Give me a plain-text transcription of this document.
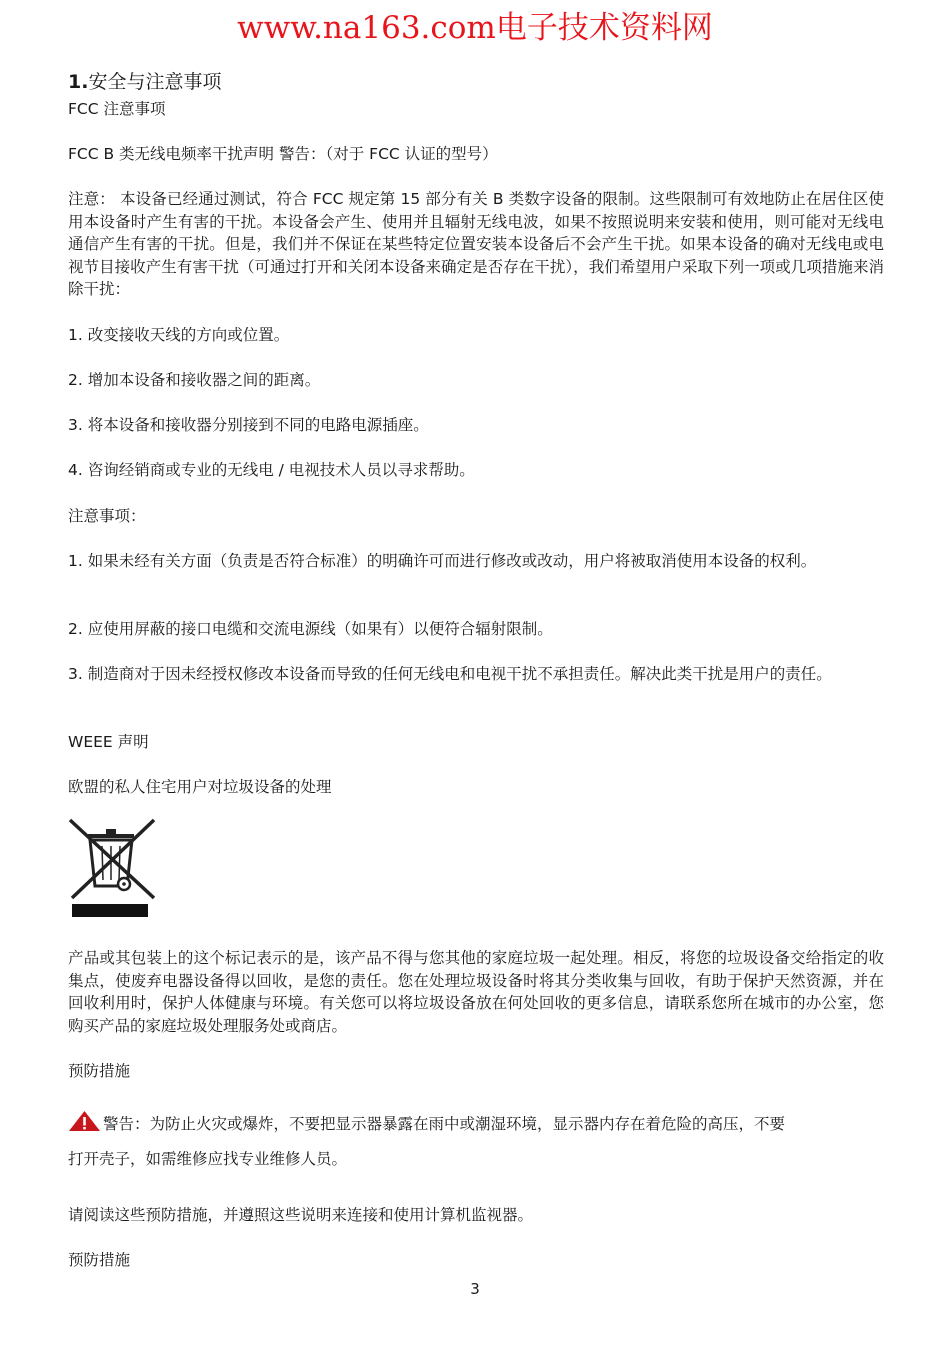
www.na163.com电子技术资料网
1.安全与注意事项
FCC 注意事项
FCC B 类无线电频率干扰声明 警告：（对于 FCC 认证的型号）
注意： 本设备已经通过测试，符合 FCC 规定第 15 部分有关 B 类数字设备的限制。这些限制可有效地防止在居住区使用本设备时产生有害的干扰。本设备会产生、使用并且辐射无线电波，如果不按照说明来安装和使用，则可能对无线电通信产生有害的干扰。但是，我们并不保证在某些特定位置安装本设备后不会产生干扰。如果本设备的确对无线电或电视节目接收产生有害干扰（可通过打开和关闭本设备来确定是否存在干扰），我们希望用户采取下列一项或几项措施来消除干扰：
1. 改变接收天线的方向或位置。
2. 增加本设备和接收器之间的距离。
3. 将本设备和接收器分别接到不同的电路电源插座。
4. 咨询经销商或专业的无线电 / 电视技术人员以寻求帮助。
注意事项：
1. 如果未经有关方面（负责是否符合标准）的明确许可而进行修改或改动，用户将被取消使用本设备的权利。
2. 应使用屏蔽的接口电缆和交流电源线（如果有）以便符合辐射限制。
3. 制造商对于因未经授权修改本设备而导致的任何无线电和电视干扰不承担责任。解决此类干扰是用户的责任。
WEEE 声明
欧盟的私人住宅用户对垃圾设备的处理
产品或其包装上的这个标记表示的是，该产品不得与您其他的家庭垃圾一起处理。相反，将您的垃圾设备交给指定的收集点，使废弃电器设备得以回收，是您的责任。您在处理垃圾设备时将其分类收集与回收，有助于保护天然资源，并在回收利用时，保护人体健康与环境。有关您可以将垃圾设备放在何处回收的更多信息，请联系您所在城市的办公室，您购买产品的家庭垃圾处理服务处或商店。
预防措施
警告：为防止火灾或爆炸，不要把显示器暴露在雨中或潮湿环境，显示器内存在着危险的高压，不要
打开壳子，如需维修应找专业维修人员。
请阅读这些预防措施，并遵照这些说明来连接和使用计算机监视器。
预防措施
3
